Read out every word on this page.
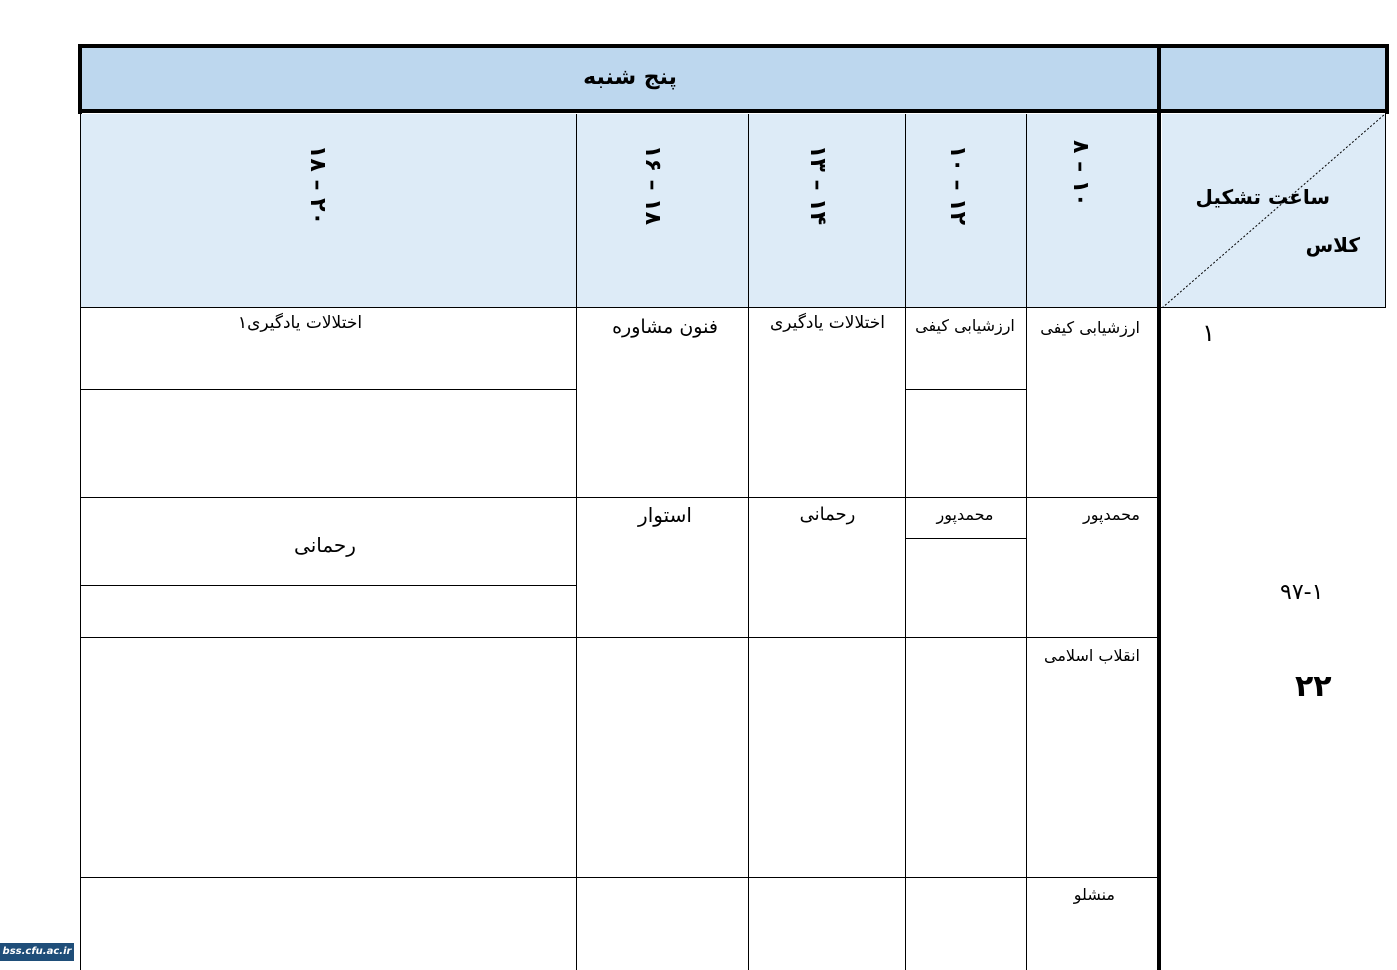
پنج شنبه
ساعت تشکیل
کلاس
۸ – ۱۰
۱۰ – ۱۲
۱۳ – ۱۴
۱۶ – ۱۸
۱۸ – ۲۰
۱
۹۷-۱
۲۲
ارزشیابی کیفی
ارزشیابی کیفی
اختلالات یادگیری
فنون مشاوره
اختلالات یادگیری۱
محمدپور
محمدپور
رحمانی
استوار
رحمانی
انقلاب اسلامی
منشلو
bss.cfu.ac.ir
